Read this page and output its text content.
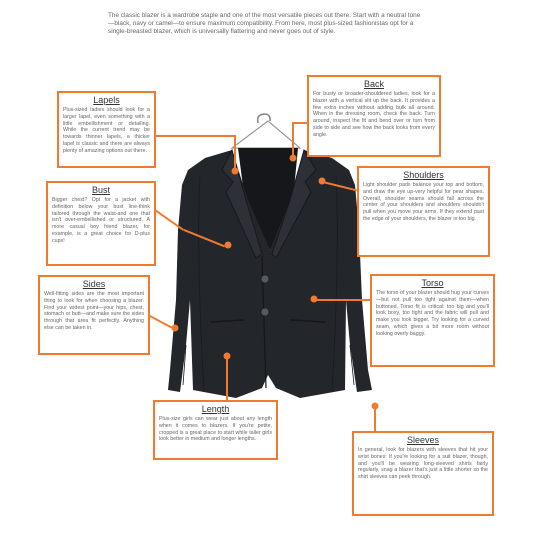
The classic blazer is a wardrobe staple and one of the most versatile pieces out there. Start with a neutral tone—black, navy or camel—to ensure maximum compatibility. From here, most plus-sized fashionistas opt for a single-breasted blazer, which is universally flattering and never goes out of style.
Lapels

Plus-sized ladies should look for a larger lapel, even something with a little embellishment or detailing. While the current trend may be towards thinner lapels, a thicker lapel is classic and there are always plenty of amazing options out there.

Bust

Bigger chest? Opt for a jacket with definition below your bust line-think tailored through the waist-and one that isn't over-embellished or structured. A more casual boy friend blazer, for example, is a great choice for D-plus cups!

Sides

Well-fitting sides are the most important thing to look for when choosing a blazer. Find your widest point—your hips, chest, stomach or butt—and make sure the sides through that area fit perfectly. Anything else can be taken in.

Length

Plus-size girls can wear just about any length when it comes to blazers. If you're petite, cropped is a great place to start while taller girls look better in medium and longer lengths.

Back

For busty or broader-shouldered ladies, look for a blazer with a vertical slit up the back. It provides a few extra inches without adding bulk all around. When in the dressing room, check the back. Turn around, inspect the fit and bend over or turn from side to side and see how the back looks from every angle.

Shoulders

Light shoulder pads balance your top and bottom, and draw the eye up-very helpful for pear shapes. Overall, shoulder seams should fall across the center of your shoulders and shoulders shouldn't pull when you move your arms. If they extend past the edge of your shoulders, the blazer is too big.

Torso

The torso of your blazer should hug your curves—but not pull too tight against them—when buttoned. Torso fit is critical: too big and you'll look boxy, too tight and the fabric will pull and make you look bigger. Try looking for a curved seam, which gives a bit more room without looking overly baggy.

Sleeves

In general, look for blazers with sleeves that hit your wrist bones: If you're looking for a suit blazer, though, and you'll be wearing long-sleeved shirts fairly regularly, snag a blazer that's just a little shorter so the shirt sleeves can peek through.
